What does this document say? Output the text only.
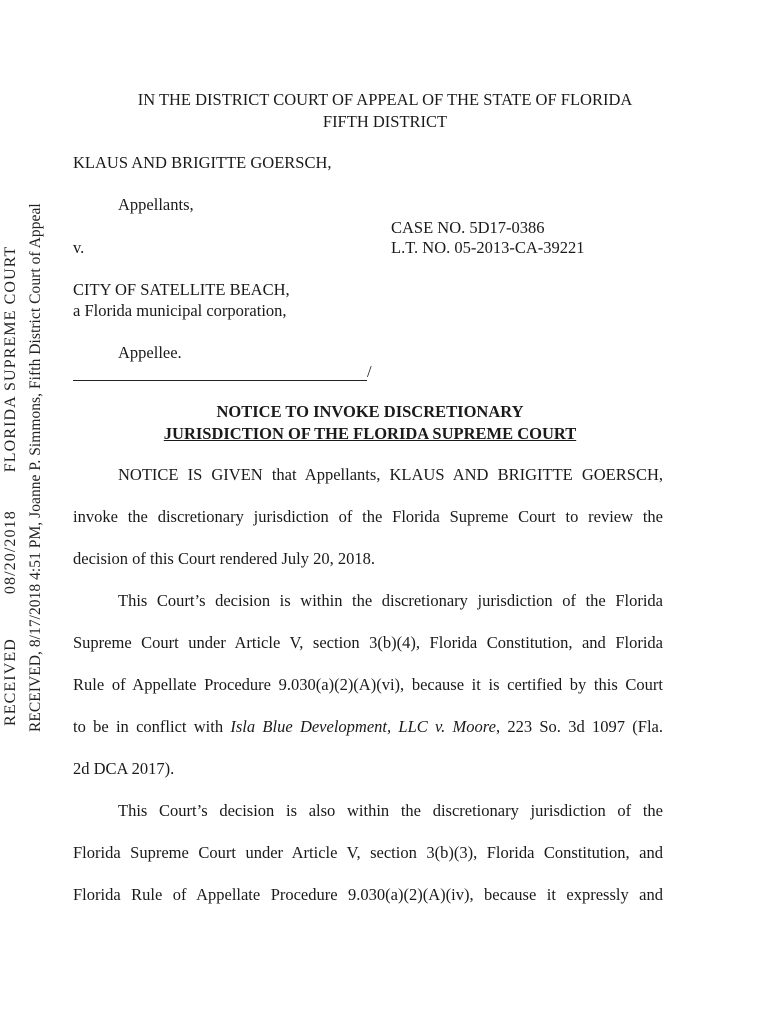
RECEIVED08/20/2018FLORIDA SUPREME COURT RECEIVED, 8/17/2018 4:51 PM, Joanne P. Simmons, Fifth District Court of Appeal
IN THE DISTRICT COURT OF APPEAL OF THE STATE OF FLORIDA
FIFTH DISTRICT
KLAUS AND BRIGITTE GOERSCH,
Appellants,
CASE NO. 5D17-0386
v.	L.T. NO. 05-2013-CA-39221
CITY OF SATELLITE BEACH,
a Florida municipal corporation,
Appellee.
/
NOTICE TO INVOKE DISCRETIONARY
JURISDICTION OF THE FLORIDA SUPREME COURT
NOTICE IS GIVEN that Appellants, KLAUS AND BRIGITTE GOERSCH,
invoke the discretionary jurisdiction of the Florida Supreme Court to review the
decision of this Court rendered July 20, 2018.
This Court’s decision is within the discretionary jurisdiction of the Florida
Supreme Court under Article V, section 3(b)(4), Florida Constitution, and Florida
Rule of Appellate Procedure 9.030(a)(2)(A)(vi), because it is certified by this Court
to be in conflict with Isla Blue Development, LLC v. Moore, 223 So. 3d 1097 (Fla.
2d DCA 2017).
This Court’s decision is also within the discretionary jurisdiction of the
Florida Supreme Court under Article V, section 3(b)(3), Florida Constitution, and
Florida Rule of Appellate Procedure 9.030(a)(2)(A)(iv), because it expressly and
